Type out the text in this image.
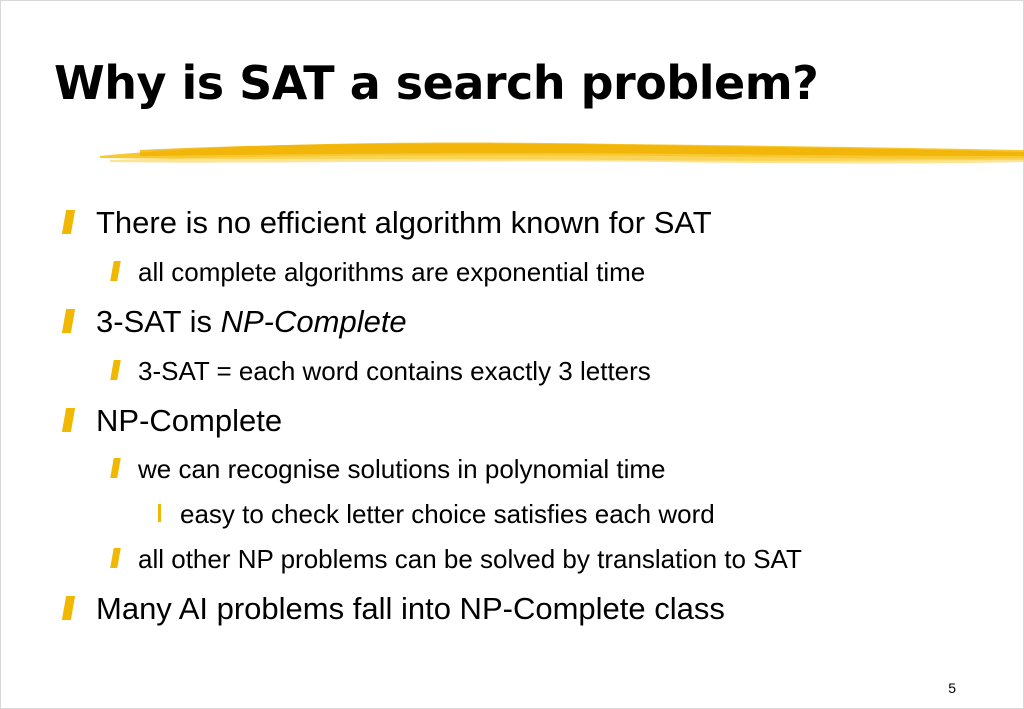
Why is SAT a search problem?
There is no efficient algorithm known for SAT
all complete algorithms are exponential time
3-SAT is NP-Complete
3-SAT = each word contains exactly 3 letters
NP-Complete
we can recognise solutions in polynomial time
easy to check letter choice satisfies each word
all other NP problems can be solved by translation to SAT
Many AI problems fall into NP-Complete class
5
